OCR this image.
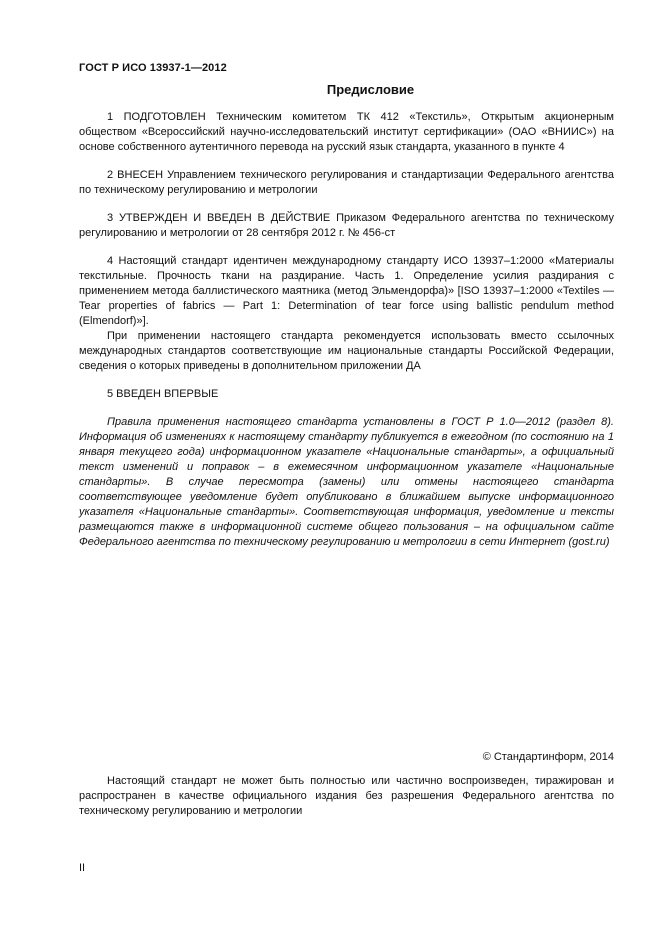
ГОСТ Р ИСО 13937-1—2012
Предисловие

1 ПОДГОТОВЛЕН Техническим комитетом ТК 412 «Текстиль», Открытым акционерным обществом «Всероссийский научно-исследовательский институт сертификации» (ОАО «ВНИИС») на основе собственного аутентичного перевода на русский язык стандарта, указанного в пункте 4

2 ВНЕСЕН Управлением технического регулирования и стандартизации Федерального агентства по техническому регулированию и метрологии

3 УТВЕРЖДЕН И ВВЕДЕН В ДЕЙСТВИЕ Приказом Федерального агентства по техническому регулированию и метрологии от 28 сентября 2012 г. № 456-ст

4 Настоящий стандарт идентичен международному стандарту ИСО 13937–1:2000 «Материалы текстильные. Прочность ткани на раздирание. Часть 1. Определение усилия раздирания с применением метода баллистического маятника (метод Эльмендорфа)» [ISO 13937–1:2000 «Textiles — Tear properties of fabrics — Part 1: Determination of tear force using ballistic pendulum method (Elmendorf)»].

При применении настоящего стандарта рекомендуется использовать вместо ссылочных международных стандартов соответствующие им национальные стандарты Российской Федерации, сведения о которых приведены в дополнительном приложении ДА

5 ВВЕДЕН ВПЕРВЫЕ

Правила применения настоящего стандарта установлены в ГОСТ Р 1.0—2012 (раздел 8). Информация об изменениях к настоящему стандарту публикуется в ежегодном (по состоянию на 1 января текущего года) информационном указателе «Национальные стандарты», а официальный текст изменений и поправок – в ежемесячном информационном указателе «Национальные стандарты». В случае пересмотра (замены) или отмены настоящего стандарта соответствующее уведомление будет опубликовано в ближайшем выпуске информационного указателя «Национальные стандарты». Соответствующая информация, уведомление и тексты размещаются также в информационной системе общего пользования – на официальном сайте Федерального агентства по техническому регулированию и метрологии в сети Интернет (gost.ru)

© Стандартинформ, 2014
Настоящий стандарт не может быть полностью или частично воспроизведен, тиражирован и распространен в качестве официального издания без разрешения Федерального агентства по техническому регулированию и метрологии
II
